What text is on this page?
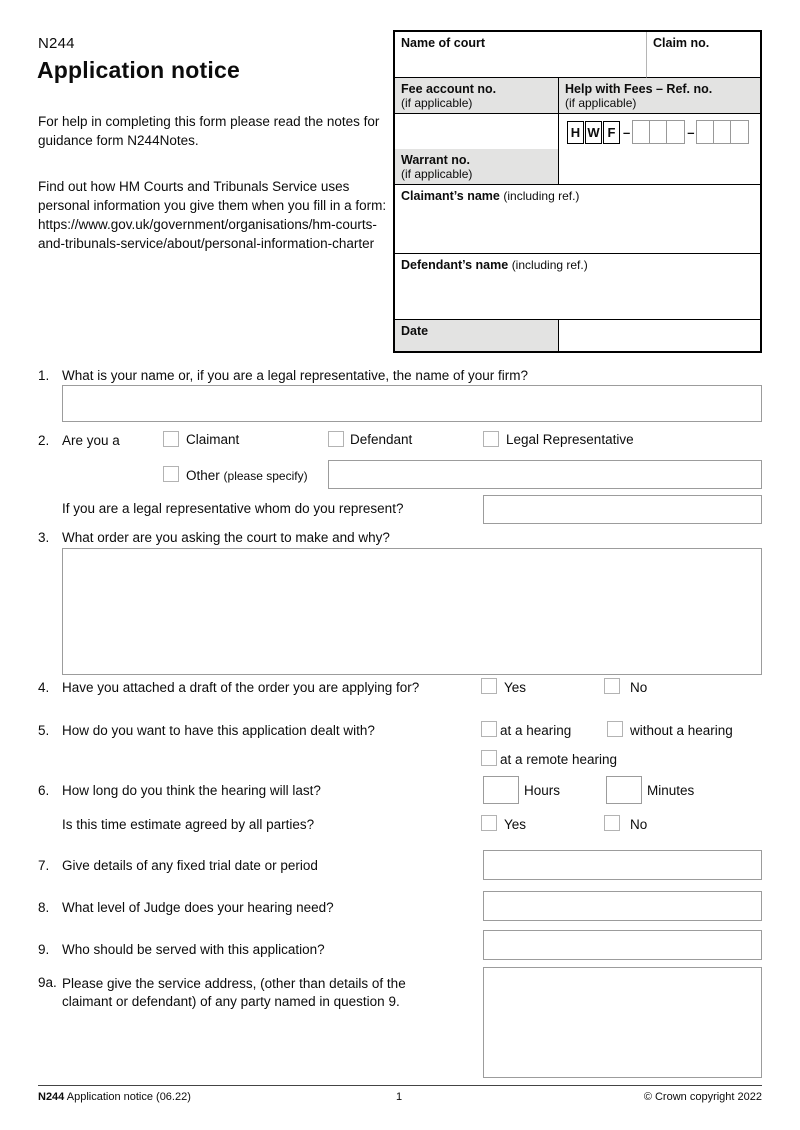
N244
Application notice
For help in completing this form please read the notes for guidance form N244Notes.
Find out how HM Courts and Tribunals Service uses personal information you give them when you fill in a form: https://www.gov.uk/government/organisations/hm-courts-and-tribunals-service/about/personal-information-charter
Name of court	Claim no.
Fee account no.
(if applicable)
Help with Fees – Ref. no.
(if applicable)
H W F –	–
Warrant no.
(if applicable)
Claimant’s name (including ref.)
Defendant’s name (including ref.)
Date
1. What is your name or, if you are a legal representative, the name of your firm?
2. Are you a	Claimant	Defendant	Legal Representative
Other (please specify)
If you are a legal representative whom do you represent?
3. What order are you asking the court to make and why?
4. Have you attached a draft of the order you are applying for?	Yes	No
5. How do you want to have this application dealt with?	at a hearing	without a hearing
at a remote hearing
6. How long do you think the hearing will last?	Hours	Minutes
Is this time estimate agreed by all parties?	Yes	No
7. Give details of any fixed trial date or period
8. What level of Judge does your hearing need?
9. Who should be served with this application?
9a. Please give the service address, (other than details of the claimant or defendant) of any party named in question 9.
N244 Application notice (06.22)	1	© Crown copyright 2022
